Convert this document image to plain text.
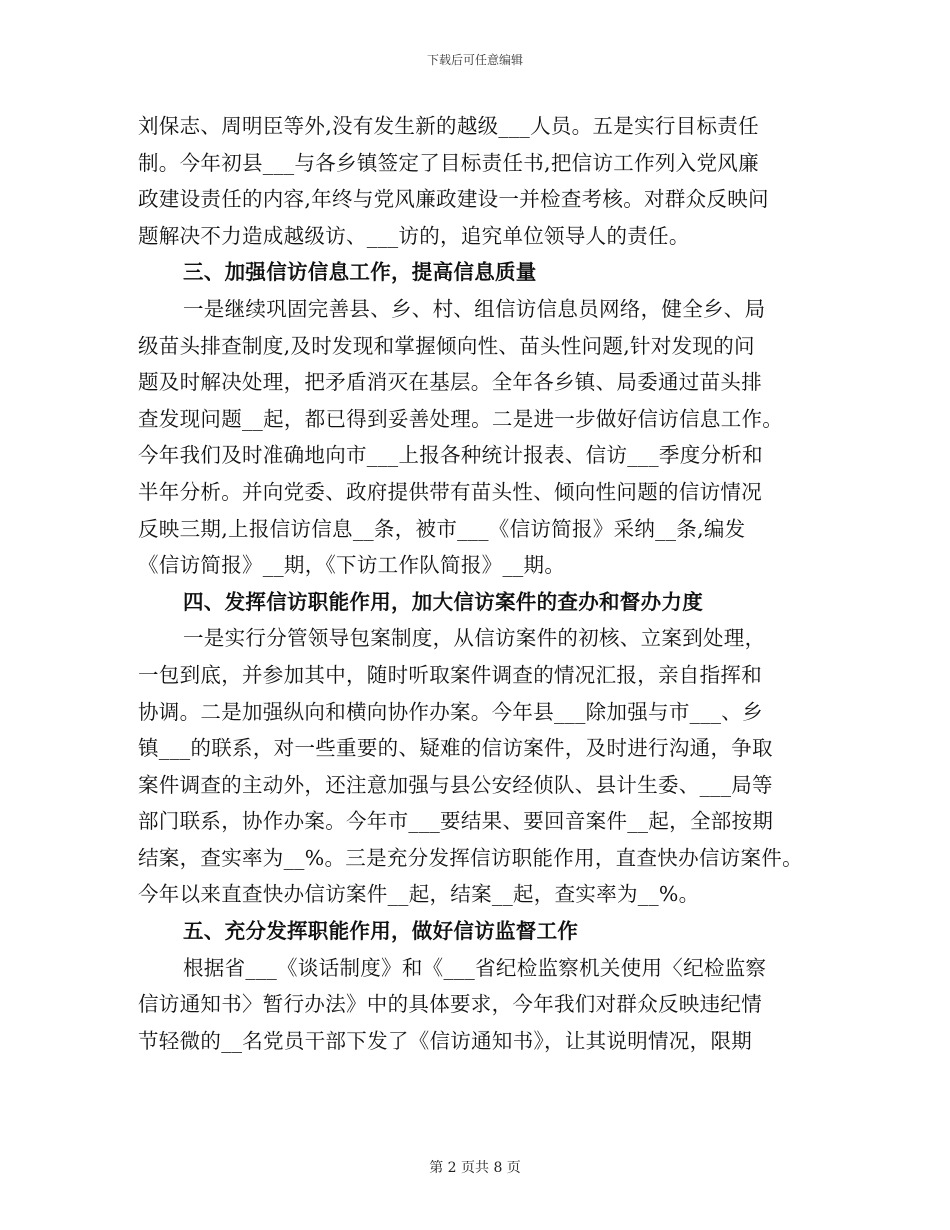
下载后可任意编辑
刘保志、周明臣等外,没有发生新的越级___人员。五是实行目标责任
制。今年初县___与各乡镇签定了目标责任书,把信访工作列入党风廉
政建设责任的内容,年终与党风廉政建设一并检查考核。对群众反映问
题解决不力造成越级访、___访的，追究单位领导人的责任。
三、加强信访信息工作，提高信息质量
一是继续巩固完善县、乡、村、组信访信息员网络，健全乡、局
级苗头排查制度,及时发现和掌握倾向性、苗头性问题,针对发现的问
题及时解决处理，把矛盾消灭在基层。全年各乡镇、局委通过苗头排
查发现问题__起，都已得到妥善处理。二是进一步做好信访信息工作。
今年我们及时准确地向市___上报各种统计报表、信访___季度分析和
半年分析。并向党委、政府提供带有苗头性、倾向性问题的信访情况
反映三期,上报信访信息__条，被市___《信访简报》采纳__条,编发
《信访简报》__期，《下访工作队简报》__期。
四、发挥信访职能作用，加大信访案件的查办和督办力度
一是实行分管领导包案制度，从信访案件的初核、立案到处理，
一包到底，并参加其中，随时听取案件调查的情况汇报，亲自指挥和
协调。二是加强纵向和横向协作办案。今年县___除加强与市___、乡
镇___的联系，对一些重要的、疑难的信访案件，及时进行沟通，争取
案件调查的主动外，还注意加强与县公安经侦队、县计生委、___局等
部门联系，协作办案。今年市___要结果、要回音案件__起，全部按期
结案，查实率为__%。三是充分发挥信访职能作用，直查快办信访案件。
今年以来直查快办信访案件__起，结案__起，查实率为__%。
五、充分发挥职能作用，做好信访监督工作
根据省___《谈话制度》和《___省纪检监察机关使用〈纪检监察
信访通知书〉暂行办法》中的具体要求，今年我们对群众反映违纪情
节轻微的__名党员干部下发了《信访通知书》，让其说明情况，限期
第 2 页共 8 页
